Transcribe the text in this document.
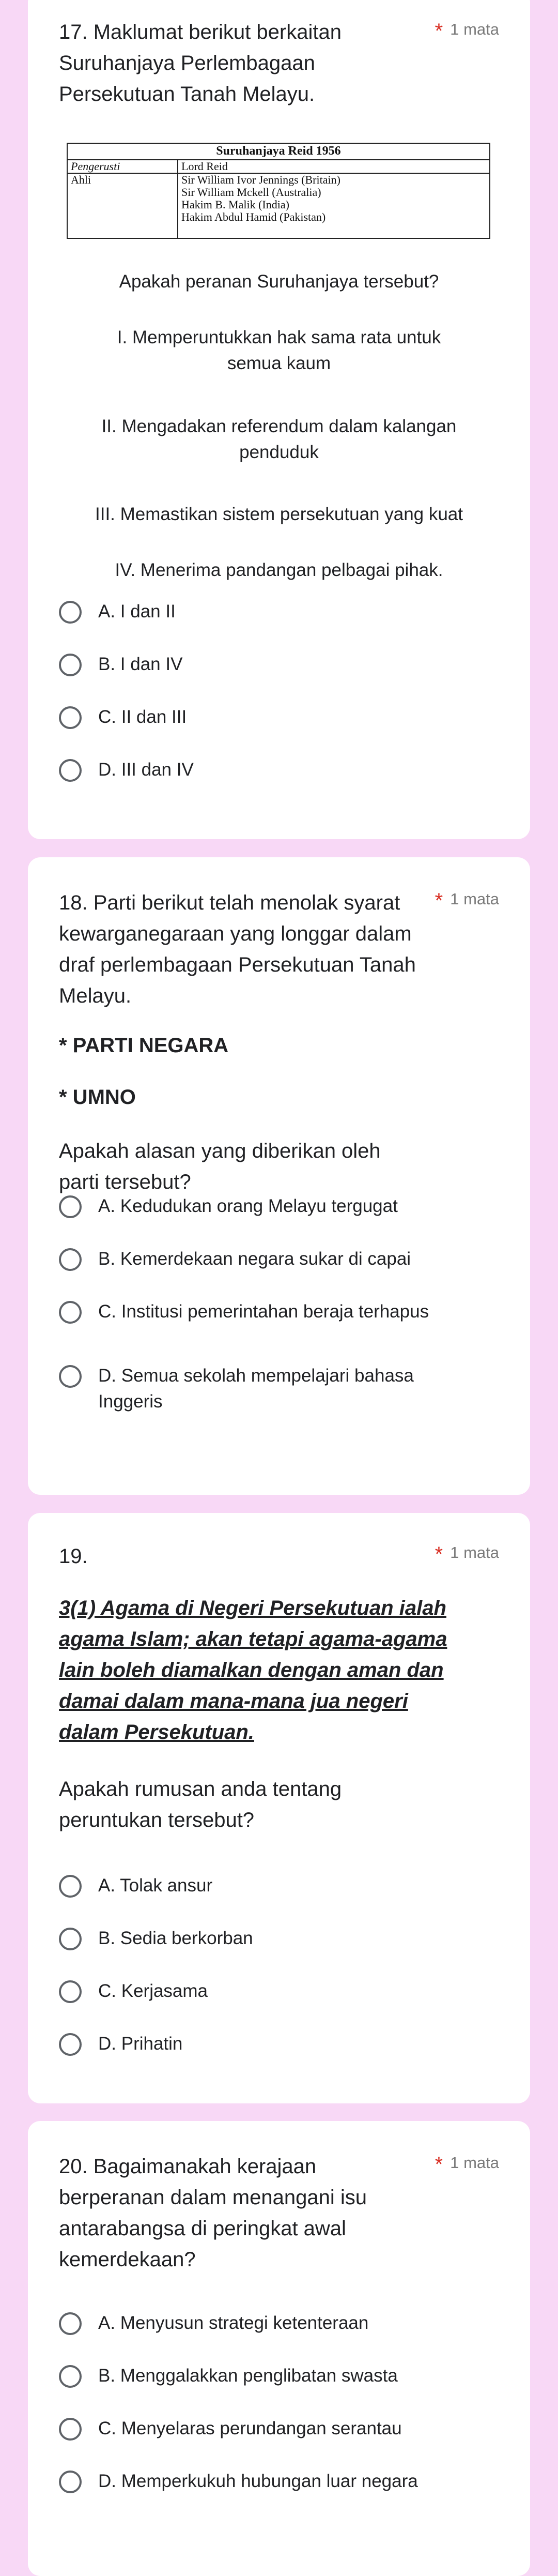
17. Maklumat berikut berkaitan Suruhanjaya Perlembagaan Persekutuan Tanah Melayu.
* 1 mata
Suruhanjaya Reid 1956	
Pengerusti	Lord Reid
Ahli	Sir William Ivor Jennings (Britain)
Sir William Mckell (Australia)
Hakim B. Malik (India)
Hakim Abdul Hamid (Pakistan)
Apakah peranan Suruhanjaya tersebut?
I. Memperuntukkan hak sama rata untuk semua kaum
II. Mengadakan referendum dalam kalangan penduduk
III. Memastikan sistem persekutuan yang kuat
IV. Menerima pandangan pelbagai pihak.
A. I dan II
B. I dan IV
C. II dan III
D. III dan IV
18. Parti berikut telah menolak syarat kewarganegaraan yang longgar dalam draf perlembagaan Persekutuan Tanah Melayu.
* 1 mata
* PARTI NEGARA
* UMNO
Apakah alasan yang diberikan oleh parti tersebut?
A. Kedudukan orang Melayu tergugat
B. Kemerdekaan negara sukar di capai
C. Institusi pemerintahan beraja terhapus
D. Semua sekolah mempelajari bahasa Inggeris
19.	* 1 mata
3(1) Agama di Negeri Persekutuan ialah agama Islam; akan tetapi agama-agama lain boleh diamalkan dengan aman dan damai dalam mana-mana jua negeri dalam Persekutuan.
Apakah rumusan anda tentang peruntukan tersebut?
A. Tolak ansur
B. Sedia berkorban
C. Kerjasama
D. Prihatin
20. Bagaimanakah kerajaan berperanan dalam menangani isu antarabangsa di peringkat awal kemerdekaan?
* 1 mata
A. Menyusun strategi ketenteraan
B. Menggalakkan penglibatan swasta
C. Menyelaras perundangan serantau
D. Memperkukuh hubungan luar negara
